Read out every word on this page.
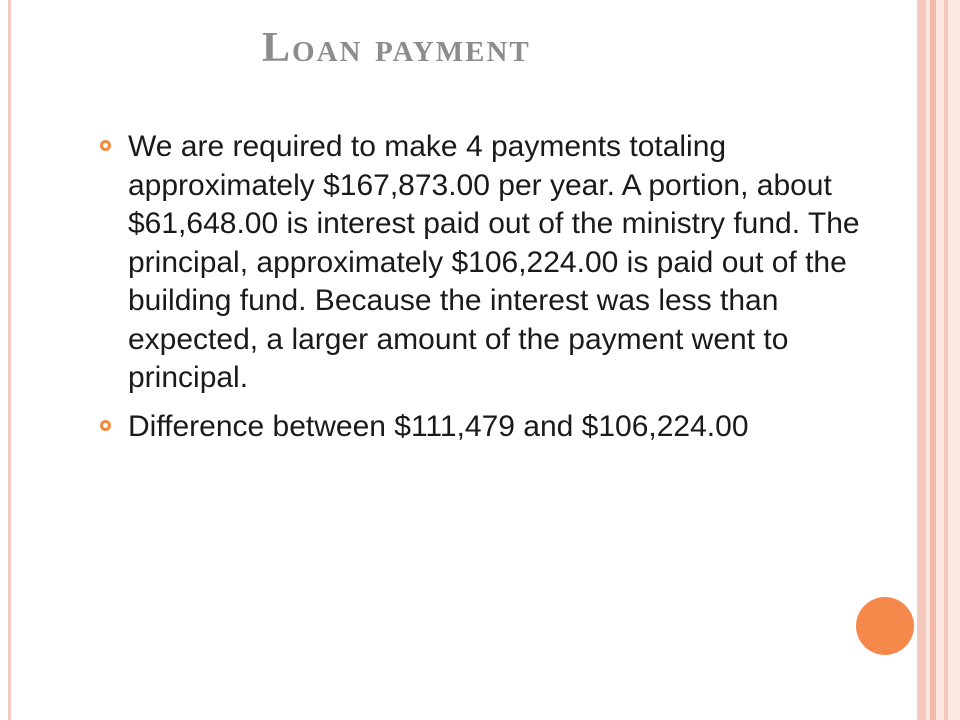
Loan payment
We are required to make 4 payments totaling approximately $167,873.00 per year. A portion, about $61,648.00 is interest paid out of the ministry fund. The principal, approximately $106,224.00 is paid out of the building fund. Because the interest was less than expected, a larger amount of the payment went to principal.
Difference between $111,479 and $106,224.00
